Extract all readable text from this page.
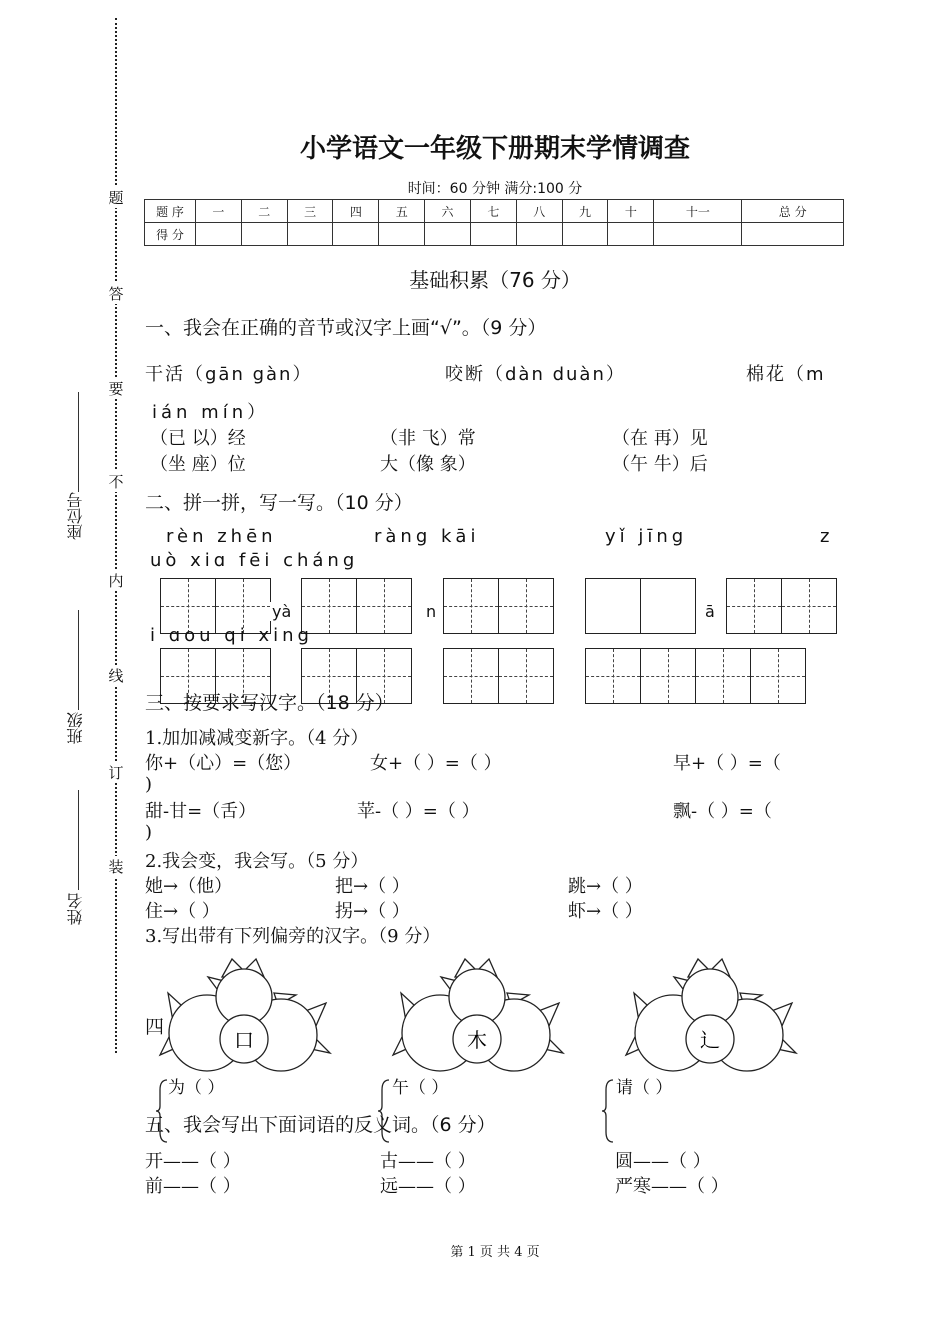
题
答
要
不
内
线
订
装
座位号
班级
姓名
小学语文一年级下册期末学情调查
时间：60 分钟 满分:100 分
题 序	一	二	三	四	五	六	七	八	九	十	十一	总 分
得 分												
基础积累（76 分）
一、我会在正确的音节或汉字上画“√”。（9 分）
干活（gān gàn）	咬断（dàn duàn）	棉花（m
ián mín）
（已 以）经	（非 飞）常	（在 再）见
（坐 座）位	大（像 象）	（午 牛）后
二、拼一拼，写一写。（10 分）
rèn zhēn	ràng kāi	yǐ jīng	z
uò xiɑ fēi cháng
yà	n	ā
i ɑou qi xing
三、按要求写汉字。（18 分）
1.加加减减变新字。（4 分）
你+（心）=（您）	女+（ ）=（ ）	早+（ ）=（
)
甜-甘=（舌）	苹-（ ）=（ ）	飘-（ ）=（
)
2.我会变，我会写。（5 分）
她→（他）	把→（ ）	跳→（ ）
住→（ ）	拐→（ ）	虾→（ ）
3.写出带有下列偏旁的汉字。（9 分）
四
口	木	辶
为（ ）	午（ ）	请（ ）
五、我会写出下面词语的反义词。（6 分）
开——（ ）	古——（ ）	圆——（ ）
前——（ ）	远——（ ）	严寒——（ ）
第 1 页 共 4 页
